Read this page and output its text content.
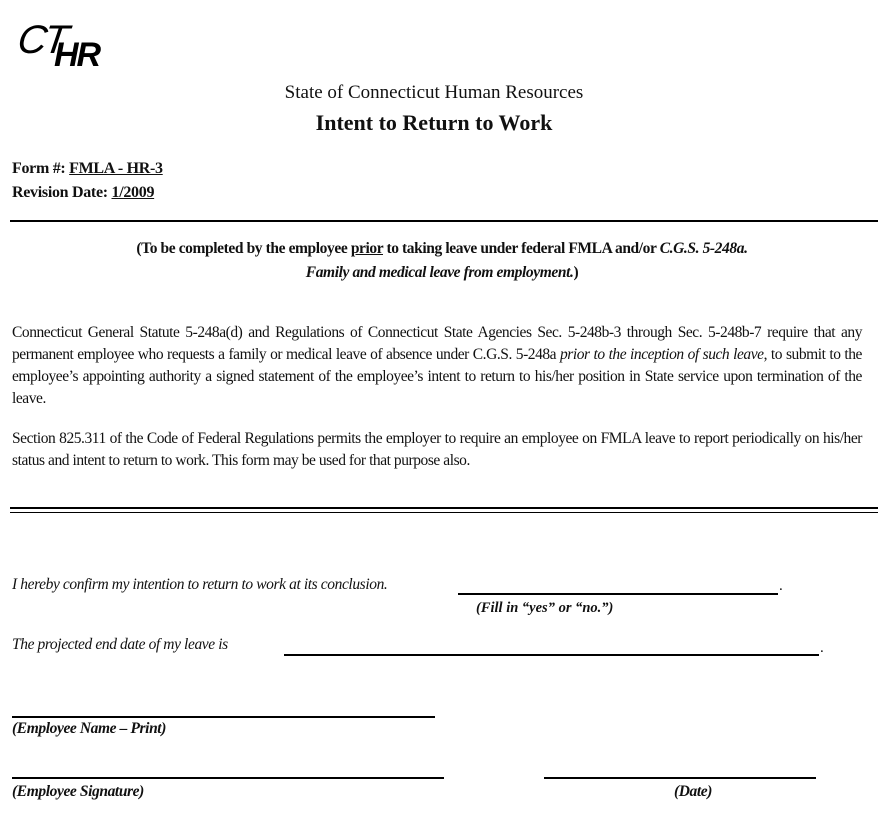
CT
HR
State of Connecticut Human Resources
Intent to Return to Work
Form #: FMLA - HR-3
Revision Date: 1/2009
(To be completed by the employee prior to taking leave under federal FMLA and/or C.G.S. 5-248a.
Family and medical leave from employment.)
Connecticut General Statute 5-248a(d) and Regulations of Connecticut State Agencies Sec. 5-248b-3 through Sec. 5-248b-7 require that any permanent employee who requests a family or medical leave of absence under C.G.S. 5-248a prior to the inception of such leave, to submit to the employee’s appointing authority a signed statement of the employee’s intent to return to his/her position in State service upon termination of the leave.
Section 825.311 of the Code of Federal Regulations permits the employer to require an employee on FMLA leave to report periodically on his/her status and intent to return to work. This form may be used for that purpose also.
I hereby confirm my intention to return to work at its conclusion.	.
(Fill in “yes” or “no.”)
The projected end date of my leave is	.
(Employee Name – Print)
(Employee Signature)	(Date)
